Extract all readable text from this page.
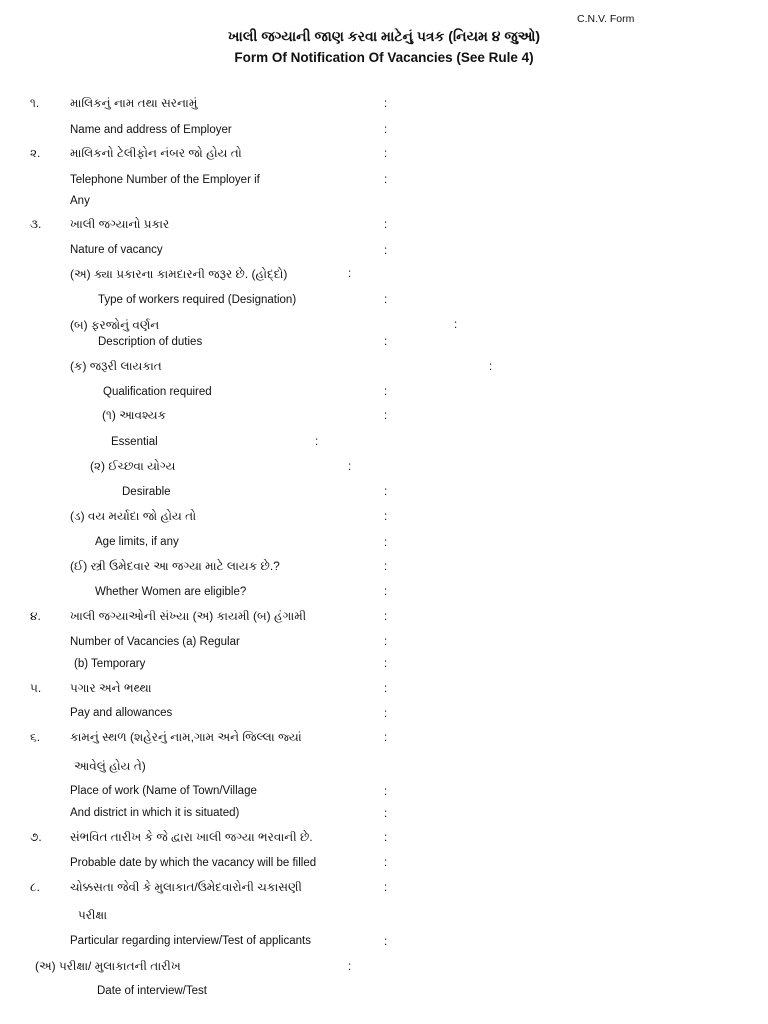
C.N.V. Form
ખાલી જગ્યાની જાણ કરવા માટેનું પત્રક (નિયમ ૪ જુઓ)
Form Of Notification Of Vacancies (See Rule 4)
૧.	માલિકનું નામ તથા સરનામું	:
Name and address of Employer	:
૨. માલિકનો ટેલીફોન નંબર જો હોય તો	:
Telephone Number of the Employer if	:
Any
૩. ખાલી જગ્યાનો પ્રકાર	:
Nature of vacancy	:
(અ) ક્યા પ્રકારના કામદારની જરૂર છે. (હોદ્દો)	:
Type of workers required (Designation)	:
(બ) ફરજોનું વર્ણન	:
Description of duties	:
(ક) જરૂરી લાયકાત	:
Qualification required	:
(૧) આવશ્યક	:
Essential	:
(૨) ઈચ્છવા યોગ્ય	:
Desirable	:
(ડ) વય મર્યાદા જો હોય તો	:
Age limits, if any	:
(ઈ) સ્ત્રી ઉમેદવાર આ જગ્યા માટે લાયક છે.?	:
Whether Women are eligible?	:
૪. ખાલી જગ્યાઓની સંખ્યા (અ) કાયમી (બ) હંગામી	:
Number of Vacancies (a) Regular	:
(b) Temporary	:
૫. પગાર અને ભથ્થા	:
Pay and allowances	:
૬. કામનું સ્થળ (શહેરનું નામ,ગામ અને જિલ્લા જ્યાં	:
આવેલું હોય તે)
Place of work (Name of Town/Village	:
And district in which it is situated)	:
૭. સંભવિત તારીખ કે જે દ્વારા ખાલી જગ્યા ભરવાની છે.	:
Probable date by which the vacancy will be filled	:
૮.	ચોક્કસતા જેવી કે મુલાકાત/ઉમેદવારોની ચકાસણી	:
પરીક્ષા
Particular regarding interview/Test of applicants	:
(અ) પરીક્ષા/ મુલાકાતની તારીખ	:
Date of interview/Test
